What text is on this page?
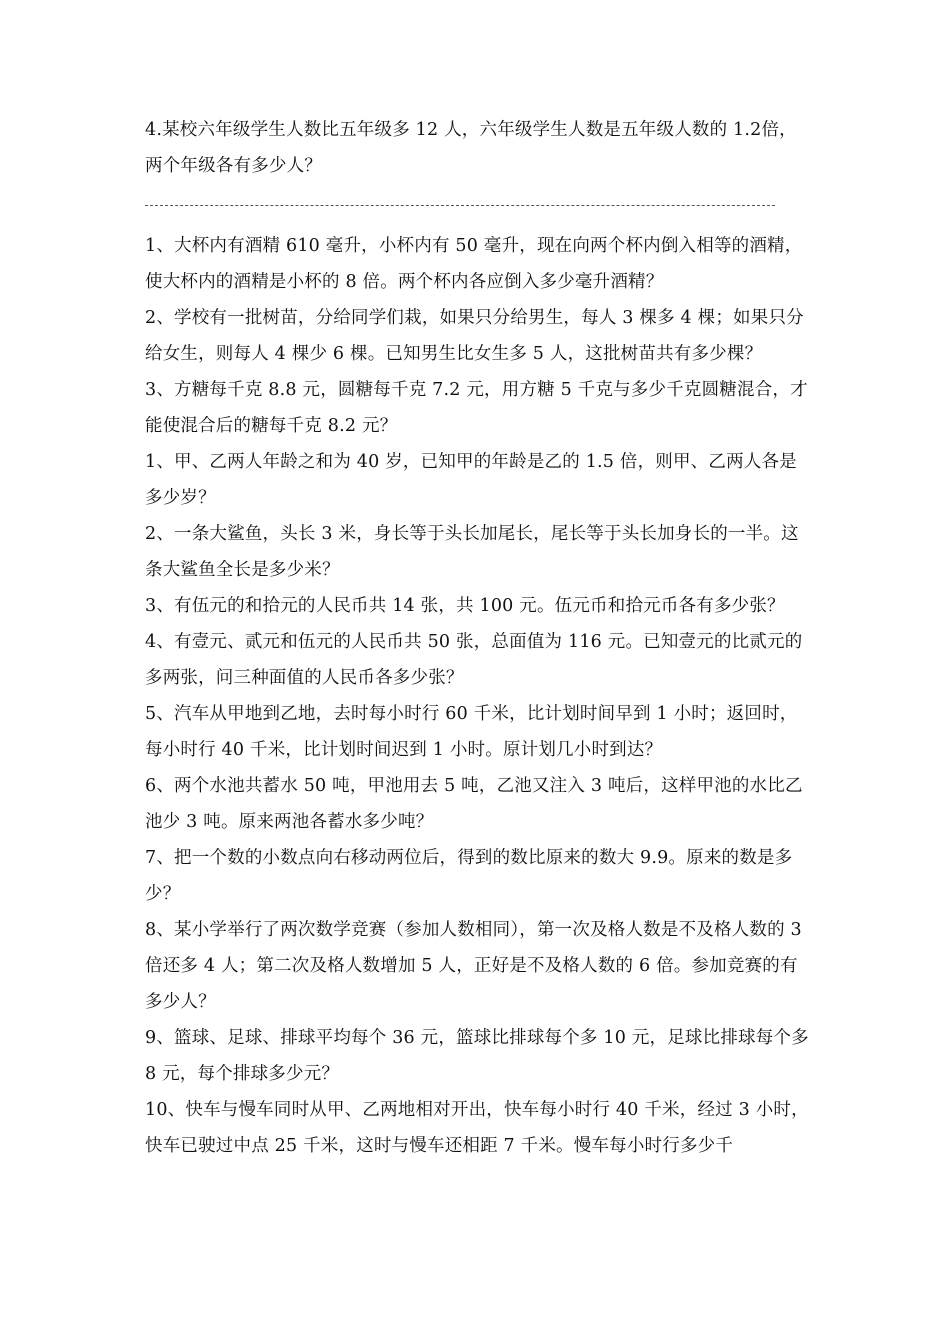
4.某校六年级学生人数比五年级多 12 人，六年级学生人数是五年级人数的 1.2倍，两个年级各有多少人？

1、大杯内有酒精 610 毫升，小杯内有 50 毫升，现在向两个杯内倒入相等的酒精，使大杯内的酒精是小杯的 8 倍。两个杯内各应倒入多少毫升酒精？

2、学校有一批树苗，分给同学们栽，如果只分给男生，每人 3 棵多 4 棵；如果只分给女生，则每人 4 棵少 6 棵。已知男生比女生多 5 人，这批树苗共有多少棵？

3、方糖每千克 8.8 元，圆糖每千克 7.2 元，用方糖 5 千克与多少千克圆糖混合，才能使混合后的糖每千克 8.2 元？

1、甲、乙两人年龄之和为 40 岁，已知甲的年龄是乙的 1.5 倍，则甲、乙两人各是多少岁？

2、一条大鲨鱼，头长 3 米，身长等于头长加尾长，尾长等于头长加身长的一半。这条大鲨鱼全长是多少米？

3、有伍元的和拾元的人民币共 14 张，共 100 元。伍元币和拾元币各有多少张？

4、有壹元、贰元和伍元的人民币共 50 张，总面值为 116 元。已知壹元的比贰元的多两张，问三种面值的人民币各多少张？

5、汽车从甲地到乙地，去时每小时行 60 千米，比计划时间早到 1 小时；返回时，每小时行 40 千米，比计划时间迟到 1 小时。原计划几小时到达？

6、两个水池共蓄水 50 吨，甲池用去 5 吨，乙池又注入 3 吨后，这样甲池的水比乙池少 3 吨。原来两池各蓄水多少吨？

7、把一个数的小数点向右移动两位后，得到的数比原来的数大 9.9。原来的数是多少？

8、某小学举行了两次数学竞赛（参加人数相同），第一次及格人数是不及格人数的 3 倍还多 4 人；第二次及格人数增加 5 人，正好是不及格人数的 6 倍。参加竞赛的有多少人？

9、篮球、足球、排球平均每个 36 元，篮球比排球每个多 10 元，足球比排球每个多 8 元，每个排球多少元？

10、快车与慢车同时从甲、乙两地相对开出，快车每小时行 40 千米，经过 3 小时，快车已驶过中点 25 千米，这时与慢车还相距 7 千米。慢车每小时行多少千
